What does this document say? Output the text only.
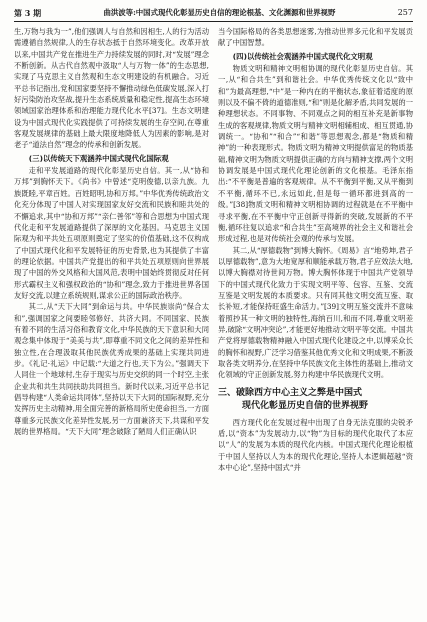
第 3 期	曲洪波等:中国式现代化彰显历史自信的理论根基、文化渊源和世界视野	257

生,万物与我为一”,他们强调人与自然和因相生,人的行为活动需遵循自然规律,人的生存状态抵于自然环境变化。改革开放以来,中国共产党在推进生产力持续发展的同时,对“发展”理念不断创新。从古代自然观中汲取“人与万物一体”的生态思想,实现了马克思主义自然观和生态文明建设的有机融合。习近平总书记指出,党和国家要坚持不懈推动绿色低碳发展,深入打好污染防治攻坚战,提升生态系统质量和稳定性,提高生态环境领域国家治理体系和治理能力现代化水平[37]。生态文明建设为中国式现代化实践提供了可持续发展的生存空间,在尊重客观发展规律的基础上最大限度地降低人为因素的影响,是对老子“道法自然”理念的传承和创新发展。

(三)以传统天下观涵养中国式现代化国际观

走和平发展道路的现代化彰显历史自信。其一,从“协和万邦”到胸怀天下。《尚书》中曾述“克明俊德,以亲九族。九族既睦,平章百姓。百姓昭明,协和万邦。”中华优秀传统政治文化充分体现了中国人对实现国家友好交流和民族和睦共处的不懈追求,其中“协和万邦”“亲仁善邻”等和合思想为中国式现代化走和平发展道路提供了深厚的文化基因。马克思主义国际观为和平共处五项原则奠定了坚实的价值基础,这不仅构成了中国式现代化和平发展特征的历史背景,也为其提供了丰富的理论依据。中国共产党提出的和平共处五项原则向世界展现了中国的外交风格和大国风范,表明中国始终贯彻反对任何形式霸权主义和强权政治的“协和”理念,致力于推进世界各国友好交流,以建立系统规则,谋求公正的国际政治秩序。

其二,从“天下大同”到命运与共。中华民族崇尚“保合太和”,强调国家之间要睦邻修好、共济大同。不同国家、民族有着不同的生活习俗和教育文化,中华民族的天下意识和大同观念集中体现于“美美与共”,即尊重不同文化之间的差异性和独立性,在合理汲取其他民族优秀成果的基础上实现共同进步。《礼记·礼运》中记载:“大道之行也,天下为公。”强调天下人同住一个地球村,生存于现实与历史交织的同一个时空,主张企业共和共生共同扶助共同担当。新时代以来,习近平总书记倡导构建“人类命运共同体”,坚持以天下大同的国际视野,充分发挥历史主动精神,用全面完善的新格局所史使命担当,一方面尊重多元民族文化差异性发展,另一方面兼济天下,共谋和平发展的世界格局。“天下大同”理念破除了陋局人们正确认识

当今国际格局的各类思想迷雾,为推动世界多元化和平发展贡献了中国智慧。

(四)以传统社会观涵养中国式现代化文明观

物质文明和精神文明相协调的现代化彰显历史自信。其一,从“和合共生”到和谐社会。中华优秀传统文化以“致中和”为最高理想,“中”是一种内在的平衡状态,象征着适度的原则以及不偏不倚的道德准则,“和”则是化解矛盾,共同发展的一种理想状态。不同事物、不同观点之间的相互补充是新事物生成的客观规律,物质文明与精神文明相辅相成、相互贯通,协调统一。“协和”“和合”“和谐”等思想观念,都是“物质和精神”的一种表现形式。物质文明为精神文明提供富足的物质基础,精神文明为物质文明提供正确的方向与精神支撑,两个文明协调发展是中国式现代化理论创新的文化根基。毛泽东指出:“不平衡是普遍的客观规律。从不平衡到平衡,又从平衡到不平衡,循环不已,永远如此,但是每一循环都进到高的一级。”[38]物质文明和精神文明相协调的过程就是在不平衡中寻求平衡,在不平衡中守正创新寻得新的突破,发展新的不平衡,循环往复以追求“和合共生”至高境界的社会主义和谐社会形成过程,也是对传统社会观的传承与发展。

其二,从“厚德载物”到博大胸怀。《周易》言“地势坤,君子以厚德载物”,意为大地宽厚和顺能承载万物,君子应效法大地,以博大胸襟对待世间万物。博大胸怀体现于中国共产党领导下的中国式现代化致力于实现文明平等、包容、互鉴、交流互鉴是文明发展的本质要求。只有同其他文明交流互鉴、取长补短,才能保持旺盛生命活力。”[39]文明互鉴交流并不意味着照抄其一种文明的独特性,海纳百川,和而不同,尊重文明差异,破除“文明冲突论”,才能更好地推动文明平等交流。中国共产党将厚德载物精神融入中国式现代化建设之中,以博采众长的胸怀和视野,广泛学习借鉴其他优秀文化和文明成果,不断汲取各类文明养分,在坚持中华民族文化主体性的基础上,推动文化领域的守正创新发展,努力构建中华民族现代文明。

三、破除西方中心主义之弊是中国式
现代化彰显历史自信的世界视野

西方现代化在发展过程中出现了自身无法克服的尖锐矛盾,以“资本”为发展动力,以“物”为目标的现代化取代了本应以“人”的发展为本质的现代化内核。中国式现代化理论根植于中国人坚持以人为本的现代化理论,坚持人本逻辑超越“资本中心论”,坚持中国式“并
